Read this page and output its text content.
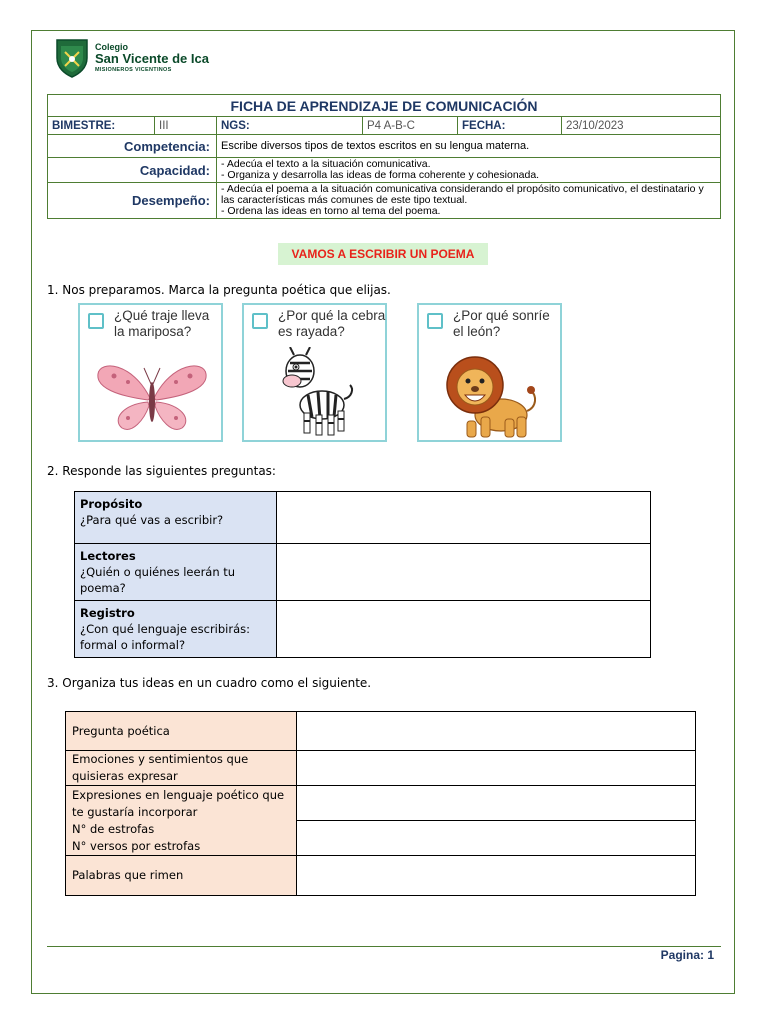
Colegio
San Vicente de Ica
MISIONEROS VICENTINOS
FICHA DE APRENDIZAJE DE COMUNICACIÓN					
BIMESTRE:	III	NGS:	P4 A-B-C	FECHA:	23/10/2023
Competencia:		Escribe diversos tipos de textos escritos en su lengua materna.			
Capacidad:		- Adecúa el texto a la situación comunicativa.
- Organiza y desarrolla las ideas de forma coherente y cohesionada.			

Desempeño:		- Adecúa el poema a la situación comunicativa considerando el propósito comunicativo, el destinatario y las características más comunes de este tipo textual.
- Ordena las ideas en torno al tema del poema.			
VAMOS A ESCRIBIR UN POEMA
1. Nos preparamos. Marca la pregunta poética que elijas.
¿Qué traje lleva la mariposa?
¿Por qué la cebra es rayada?
¿Por qué sonríe el león?
2. Responde las siguientes preguntas:
Propósito
¿Para qué vas a escribir?	

Lectores
¿Quién o quiénes leerán tu poema?	

Registro
¿Con qué lenguaje escribirás: formal o informal?	

3. Organiza tus ideas en un cuadro como el siguiente.
Pregunta poética	
Emociones y sentimientos que quisieras expresar	

Expresiones en lenguaje poético que te gustaría incorporar
N° de estrofas
N° versos por estrofas	

Palabras que rimen	
Pagina: 1
